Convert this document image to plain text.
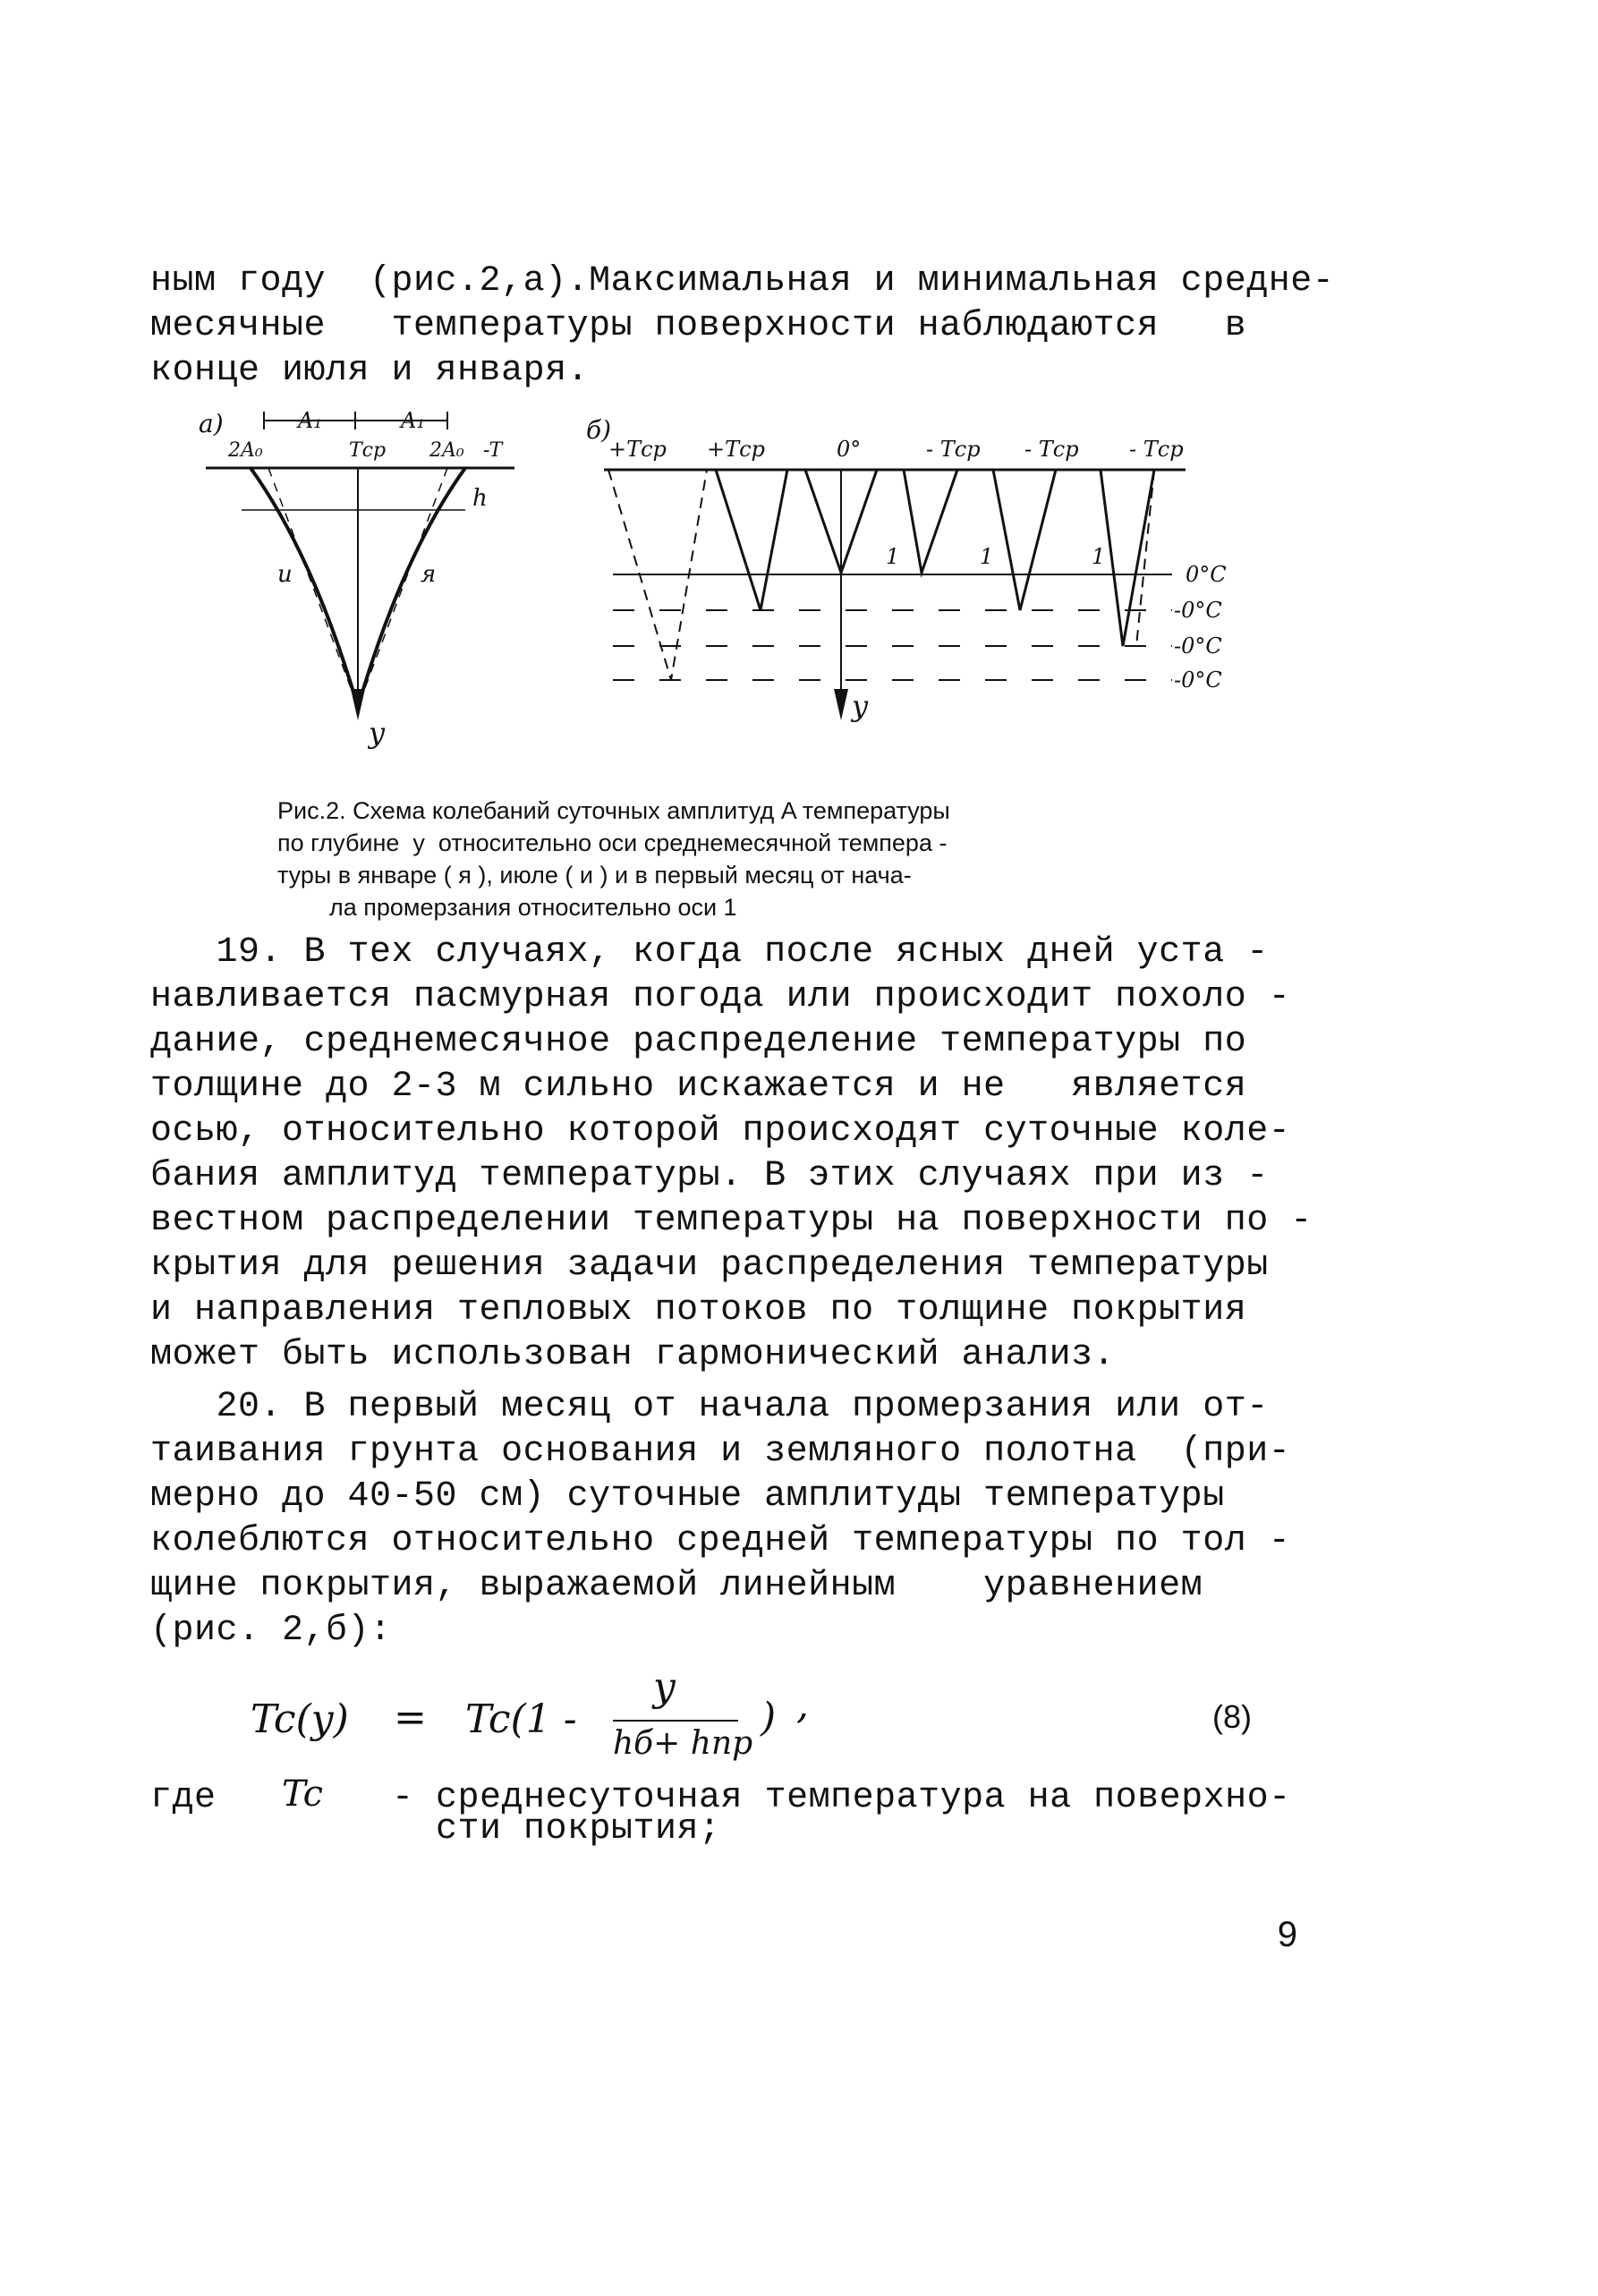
ным году  (рис.2,а).Максимальная и минимальная средне-
месячные   температуры поверхности наблюдаются   в
конце июля и января.
а)	A₁	A₁
2A₀	Tср 2A₀ -T
h
и	я
y
б)
+Tср +Tср	0°	- Tср - Tср - Tср
y
1	1	1
0°C
-0°C
-0°C
-0°C
Рис.2. Схема колебаний суточных амплитуд A температуры
по глубине  y  относительно оси среднемесячной темпера -
туры в январе ( я ), июле ( и ) и в первый месяц от нача-
ла промерзания относительно оси 1
19. В тех случаях, когда после ясных дней уста -
навливается пасмурная погода или происходит похоло -
дание, среднемесячное распределение температуры по
толщине до 2-3 м сильно искажается и не   является
осью, относительно которой происходят суточные коле-
бания амплитуд температуры. В этих случаях при из -
вестном распределении температуры на поверхности по -
крытия для решения задачи распределения температуры
и направления тепловых потоков по толщине покрытия
может быть использован гармонический анализ.
20. В первый месяц от начала промерзания или от-
таивания грунта основания и земляного полотна  (при-
мерно до 40-50 см) суточные амплитуды температуры
колеблются относительно средней температуры по тол -
щине покрытия, выражаемой линейным    уравнением
(рис. 2,б):
Tc(y) = Tc(1 -
y
hб+ hпр
) ,	(8)
где Tc - среднесуточная температура на поверхно-
сти покрытия;
9
